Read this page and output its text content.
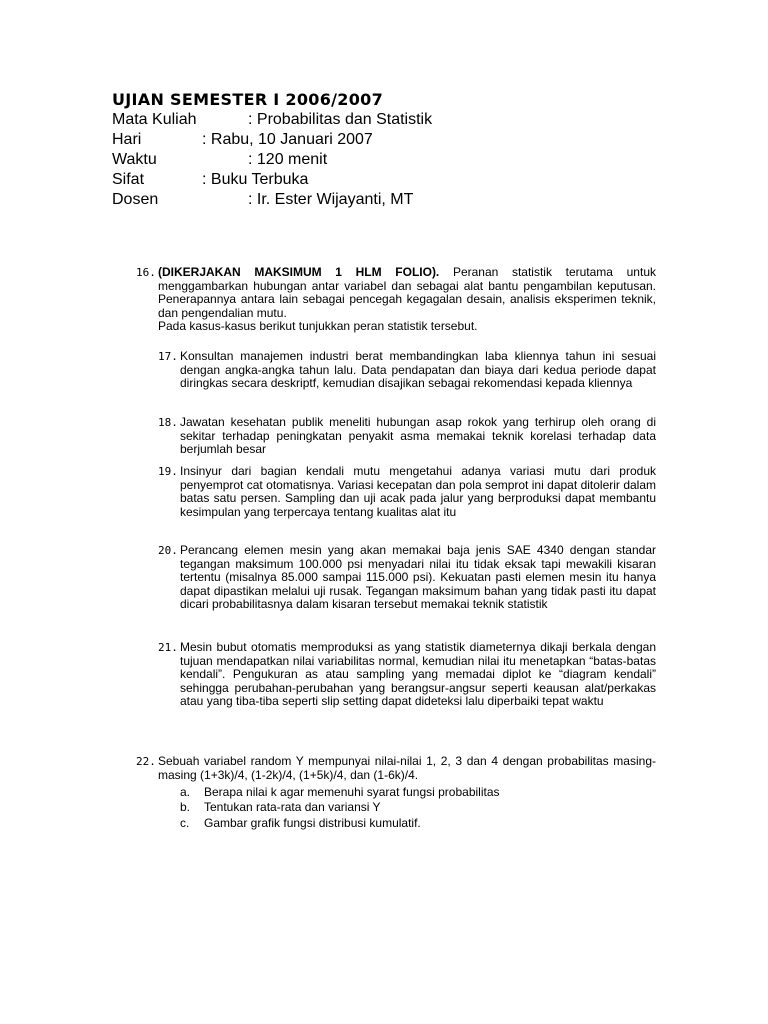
UJIAN SEMESTER I 2006/2007
Mata Kuliah	: Probabilitas dan Statistik
Hari	: Rabu, 10 Januari 2007
Waktu	: 120 menit
Sifat	: Buku Terbuka
Dosen	: Ir. Ester Wijayanti, MT
16. (DIKERJAKAN MAKSIMUM 1 HLM FOLIO). Peranan statistik terutama untuk menggambarkan hubungan antar variabel dan sebagai alat bantu pengambilan keputusan. Penerapannya antara lain sebagai pencegah kegagalan desain, analisis eksperimen teknik, dan pengendalian mutu.

Pada kasus-kasus berikut tunjukkan peran statistik tersebut.

17. Konsultan manajemen industri berat membandingkan laba kliennya tahun ini sesuai dengan angka-angka tahun lalu. Data pendapatan dan biaya dari kedua periode dapat diringkas secara deskriptf, kemudian disajikan sebagai rekomendasi kepada kliennya
18. Jawatan kesehatan publik meneliti hubungan asap rokok yang terhirup oleh orang di sekitar terhadap peningkatan penyakit asma memakai teknik korelasi terhadap data berjumlah besar
19. Insinyur dari bagian kendali mutu mengetahui adanya variasi mutu dari produk penyemprot cat otomatisnya. Variasi kecepatan dan pola semprot ini dapat ditolerir dalam batas satu persen. Sampling dan uji acak pada jalur yang berproduksi dapat membantu kesimpulan yang terpercaya tentang kualitas alat itu
20. Perancang elemen mesin yang akan memakai baja jenis SAE 4340 dengan standar tegangan maksimum 100.000 psi menyadari nilai itu tidak eksak tapi mewakili kisaran tertentu (misalnya 85.000 sampai 115.000 psi). Kekuatan pasti elemen mesin itu hanya dapat dipastikan melalui uji rusak. Tegangan maksimum bahan yang tidak pasti itu dapat dicari probabilitasnya dalam kisaran tersebut memakai teknik statistik
21. Mesin bubut otomatis memproduksi as yang statistik diameternya dikaji berkala dengan tujuan mendapatkan nilai variabilitas normal, kemudian nilai itu menetapkan “batas-batas kendali”. Pengukuran as atau sampling yang memadai diplot ke “diagram kendali” sehingga perubahan-perubahan yang berangsur-angsur seperti keausan alat/perkakas atau yang tiba-tiba seperti slip setting dapat dideteksi lalu diperbaiki tepat waktu
22. Sebuah variabel random Y mempunyai nilai-nilai 1, 2, 3 dan 4 dengan probabilitas masing-masing (1+3k)/4, (1-2k)/4, (1+5k)/4, dan (1-6k)/4.

a. Berapa nilai k agar memenuhi syarat fungsi probabilitas
b. Tentukan rata-rata dan variansi Y
c. Gambar grafik fungsi distribusi kumulatif.
